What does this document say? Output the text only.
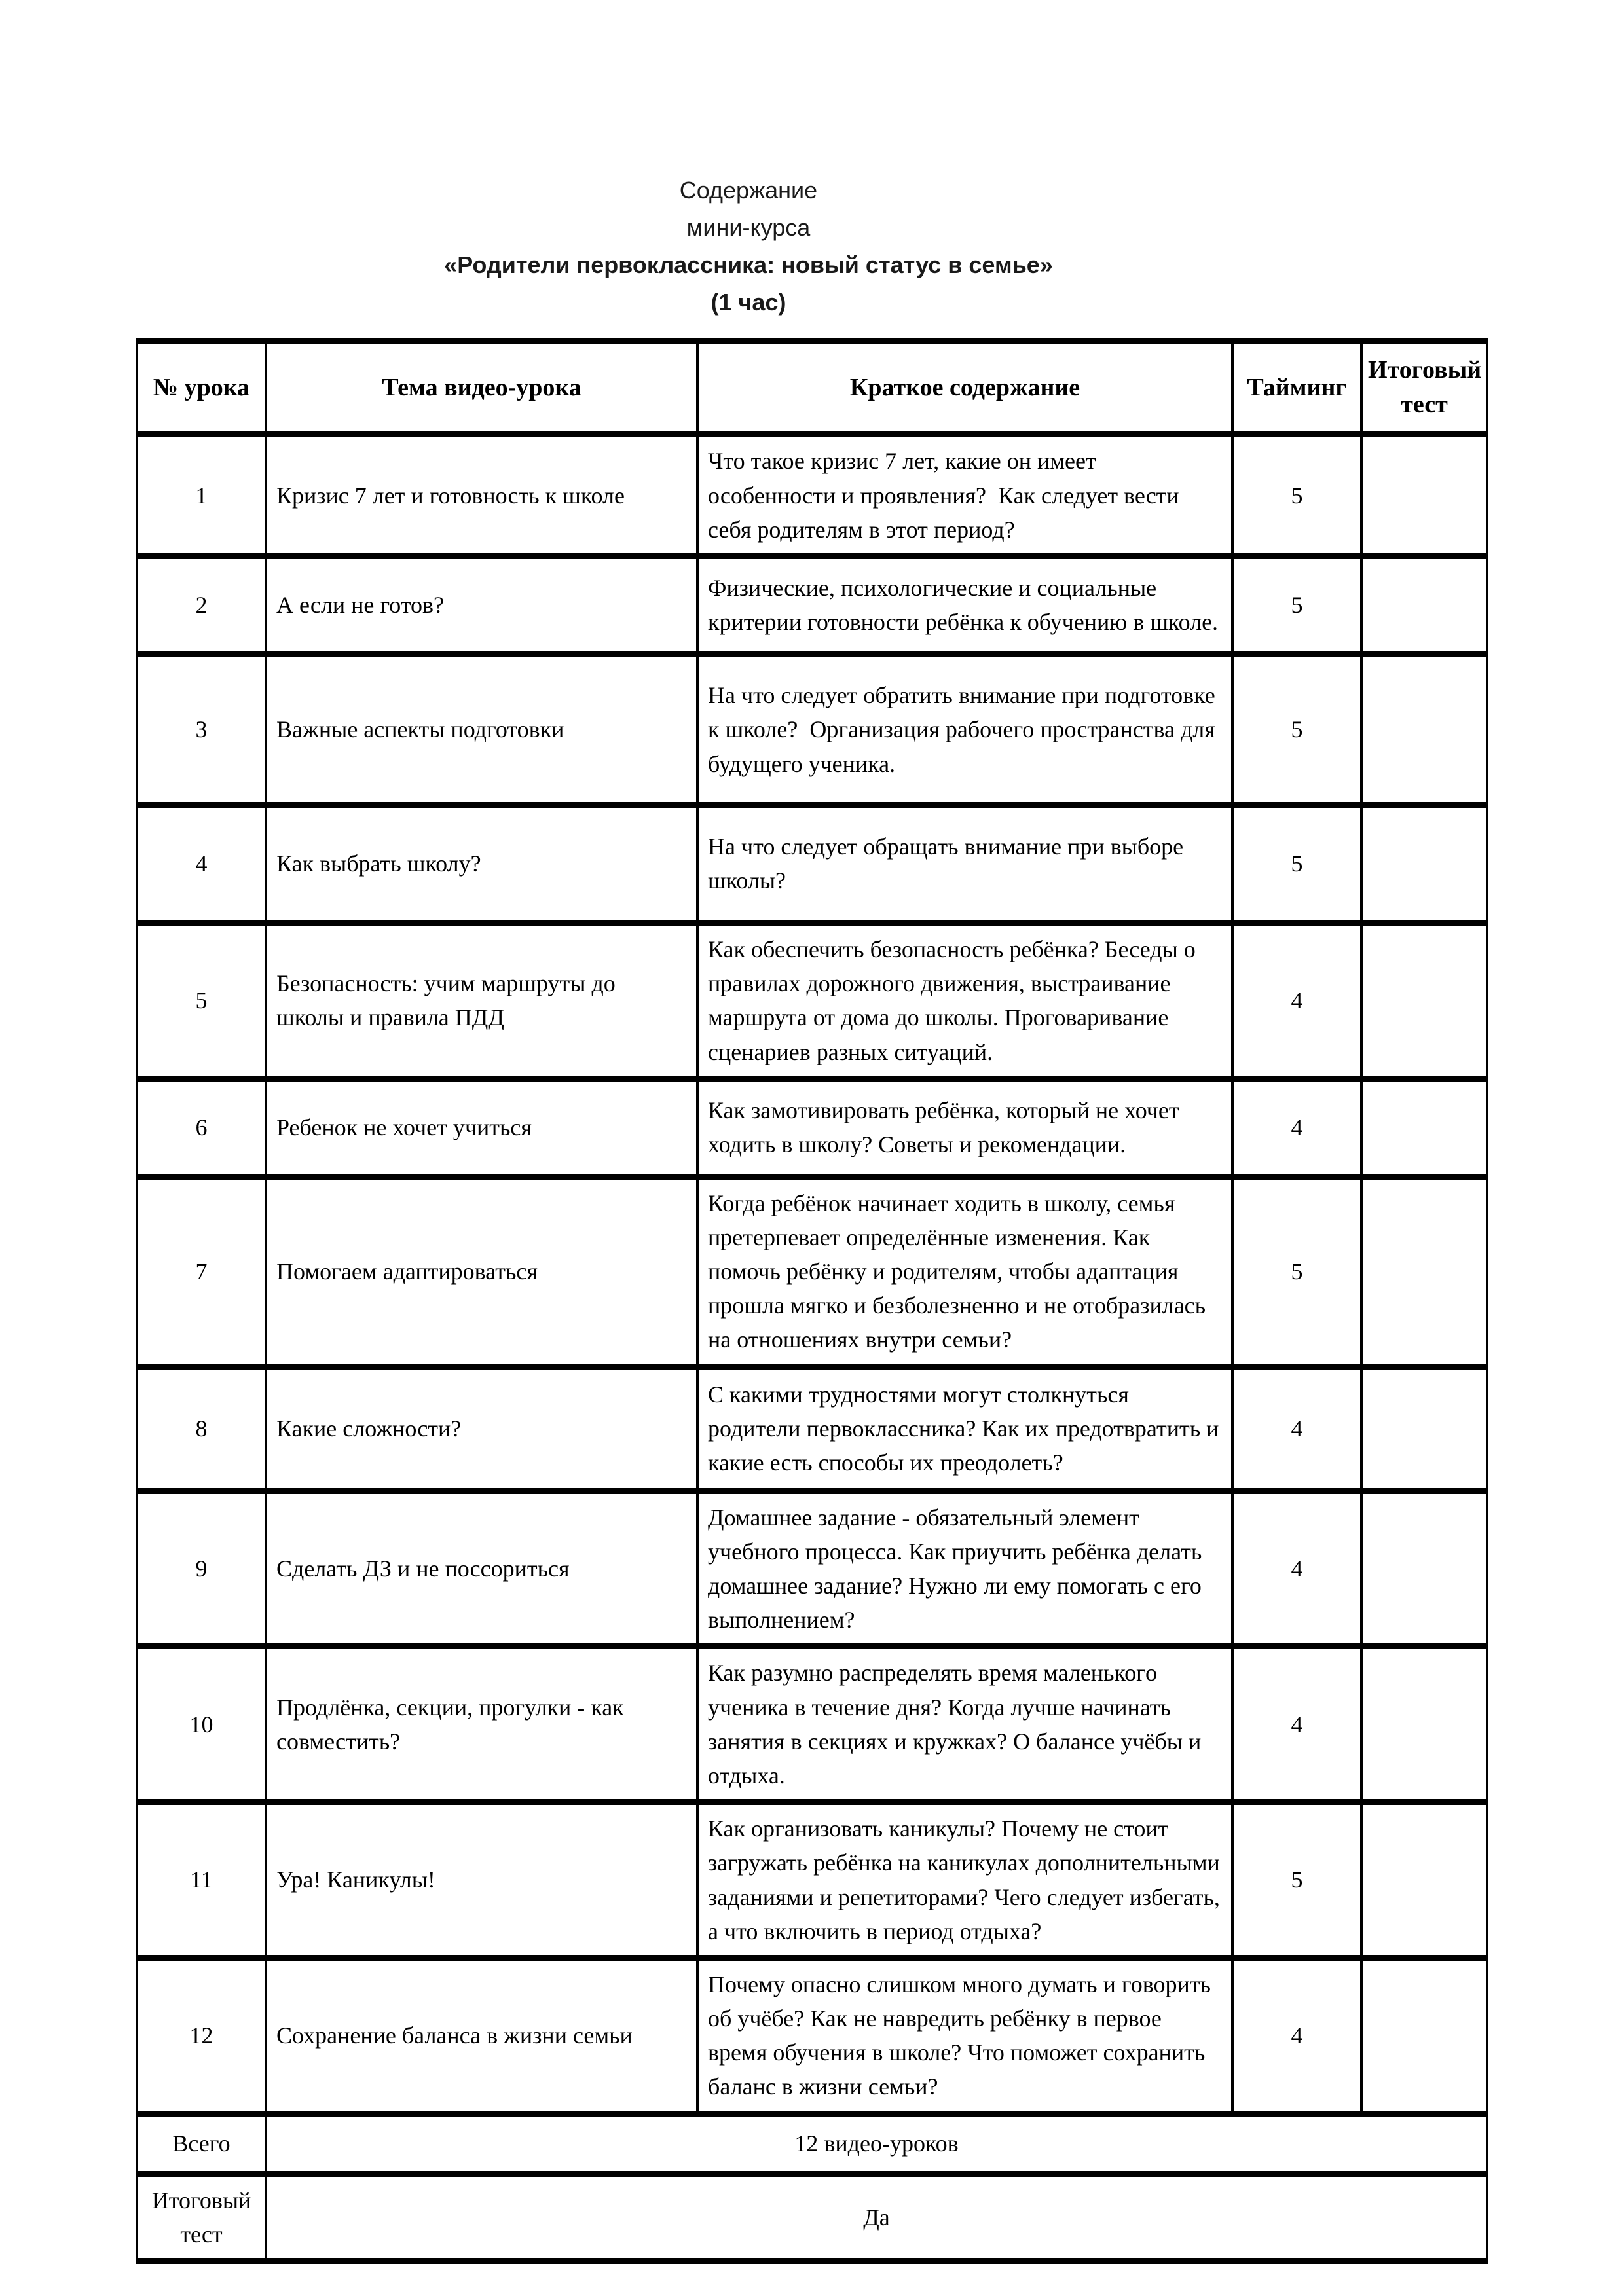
Содержание
мини-курса
«Родители первоклассника: новый статус в семье»
(1 час)
№ урока	Тема видео-урока	Краткое содержание	Тайминг	Итоговый тест
1	Кризис 7 лет и готовность к школе	Что такое кризис 7 лет, какие он имеет особенности и проявления?  Как следует вести себя родителям в этот период?	5	
2	А если не готов?	Физические, психологические и социальные критерии готовности ребёнка к обучению в школе.	5	
3	Важные аспекты подготовки	На что следует обратить внимание при подготовке к школе?  Организация рабочего пространства для будущего ученика.	5	
4	Как выбрать школу?	На что следует обращать внимание при выборе школы?	5	
5	Безопасность: учим маршруты до школы и правила ПДД	Как обеспечить безопасность ребёнка? Беседы о правилах дорожного движения, выстраивание маршрута от дома до школы. Проговаривание сценариев разных ситуаций.	4	
6	Ребенок не хочет учиться	Как замотивировать ребёнка, который не хочет ходить в школу? Советы и рекомендации.	4	
7	Помогаем адаптироваться	Когда ребёнок начинает ходить в школу, семья претерпевает определённые изменения. Как помочь ребёнку и родителям, чтобы адаптация прошла мягко и безболезненно и не отобразилась на отношениях внутри семьи?	5	
8	Какие сложности?	С какими трудностями могут столкнуться родители первоклассника? Как их предотвратить и какие есть способы их преодолеть?	4	
9	Сделать ДЗ и не поссориться	Домашнее задание - обязательный элемент учебного процесса. Как приучить ребёнка делать домашнее задание? Нужно ли ему помогать с его выполнением?	4	
10	Продлёнка, секции, прогулки - как совместить?	Как разумно распределять время маленького ученика в течение дня? Когда лучше начинать занятия в секциях и кружках? О балансе учёбы и отдыха.	4	
11	Ура! Каникулы!	Как организовать каникулы? Почему не стоит загружать ребёнка на каникулах дополнительными заданиями и репетиторами? Чего следует избегать, а что включить в период отдыха?	5	
12	Сохранение баланса в жизни семьи	Почему опасно слишком много думать и говорить об учёбе? Как не навредить ребёнку в первое время обучения в школе? Что поможет сохранить баланс в жизни семьи?	4	
Всего	12 видео-уроков			
Итоговый тест	Да			
